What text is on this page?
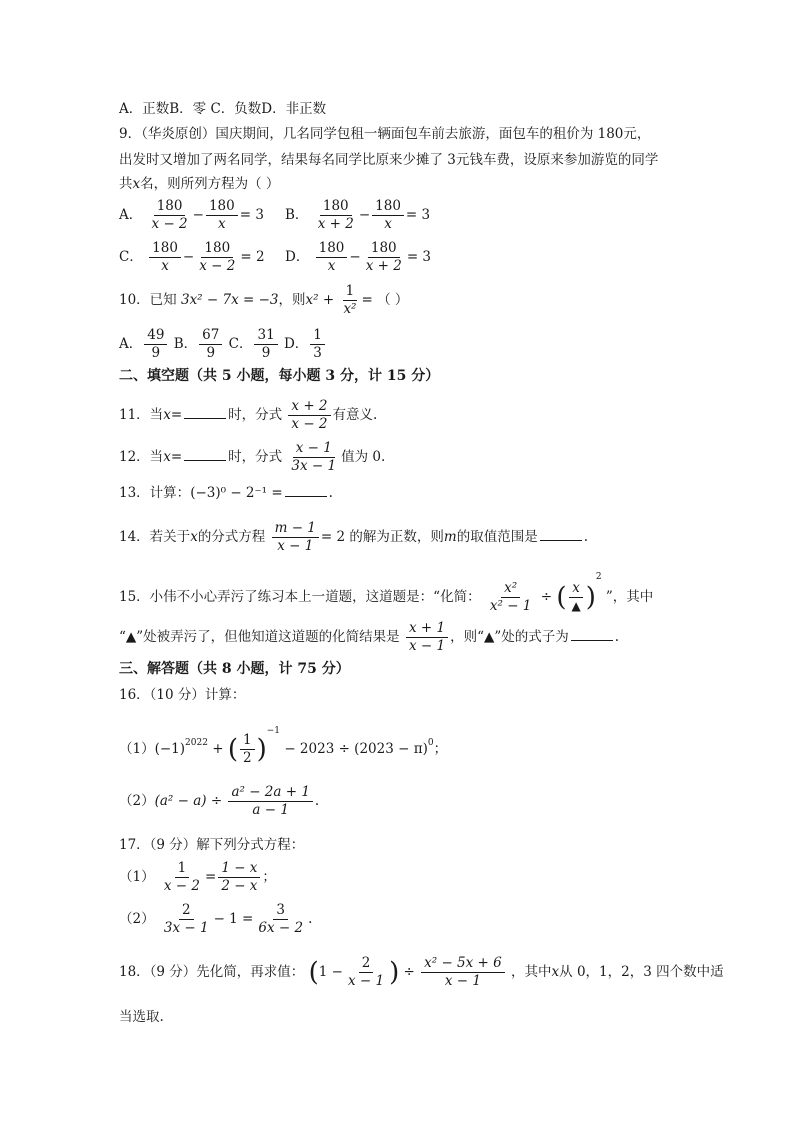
A．正数B．零 C．负数D．非正数
9．（华炎原创）国庆期间，几名同学包租一辆面包车前去旅游，面包车的租价为 180元，
出发时又增加了两名同学，结果每名同学比原来少摊了 3元钱车费，设原来参加游览的同学
共x名，则所列方程为（ ）
A． $\frac{180}{x - 2} - \frac{180}{x} = 3$ B． $\frac{180}{x + 2} - \frac{180}{x} = 3$
C． $\frac{180}{x} - \frac{180}{x - 2} = 2$ D． $\frac{180}{x} - \frac{180}{x + 2} = 3$
10．已知 3x² − 7x = −3，则$x^2 + \frac{1}{\text{x²}}$ = （ ）
A． $\frac{49}{9}$ B． $\frac{67}{9}$ C． $\frac{31}{9}$ D． $\frac{1}{3}$
二、填空题（共 5 小题，每小题 3 分，计 15 分）
11．当x=	时，分式 $\frac{x + 2}{x - 2}$ 有意义.
12．当x=	时，分式 $\frac{x - 1}{3x - 1}$ 值为 0.
13．计算：(−3)⁰ − 2⁻¹ =	.
14．若关于x的分式方程 $\frac{m - 1}{x - 1} = 2$ 的解为正数，则m的取值范围是	.
15．小伟不小心弄污了练习本上一道题，这道题是：“化简： $\frac{\text{x²}}{\text{x² − 1}}$ ÷ ( $\frac{x}{▲} )^2$ ”，其中
“▲”处被弄污了，但他知道这道题的化简结果是 $\frac{x + 1}{x - 1}$ ，则“▲”处的式子为	.
三、解答题（共 8 小题，计 75 分）
16．（10 分）计算：
$(1)(-1)^{2022}$ + ( $\frac{1}{2} )^{-1} - 2023 \div (2023 - \pi)^0$；
$(2)(a^2 - a) \div \frac{\text{a² − 2a + 1}}{a - 1}$ .
17．（9 分）解下列分式方程：
$(1) \frac{1}{x - 2} = \frac{1 - x}{2 - x}$ ；
$(2) \frac{2}{3x - 1} - 1 = \frac{3}{6x - 2}$ .
18．（9 分）先化简，再求值： ($1 - \frac{2}{x - 1}$ ) ÷ $\frac{\text{x² − 5x + 6}}{x - 1}$ ，其中x从 0，1，2，3 四个数中适
当选取.
